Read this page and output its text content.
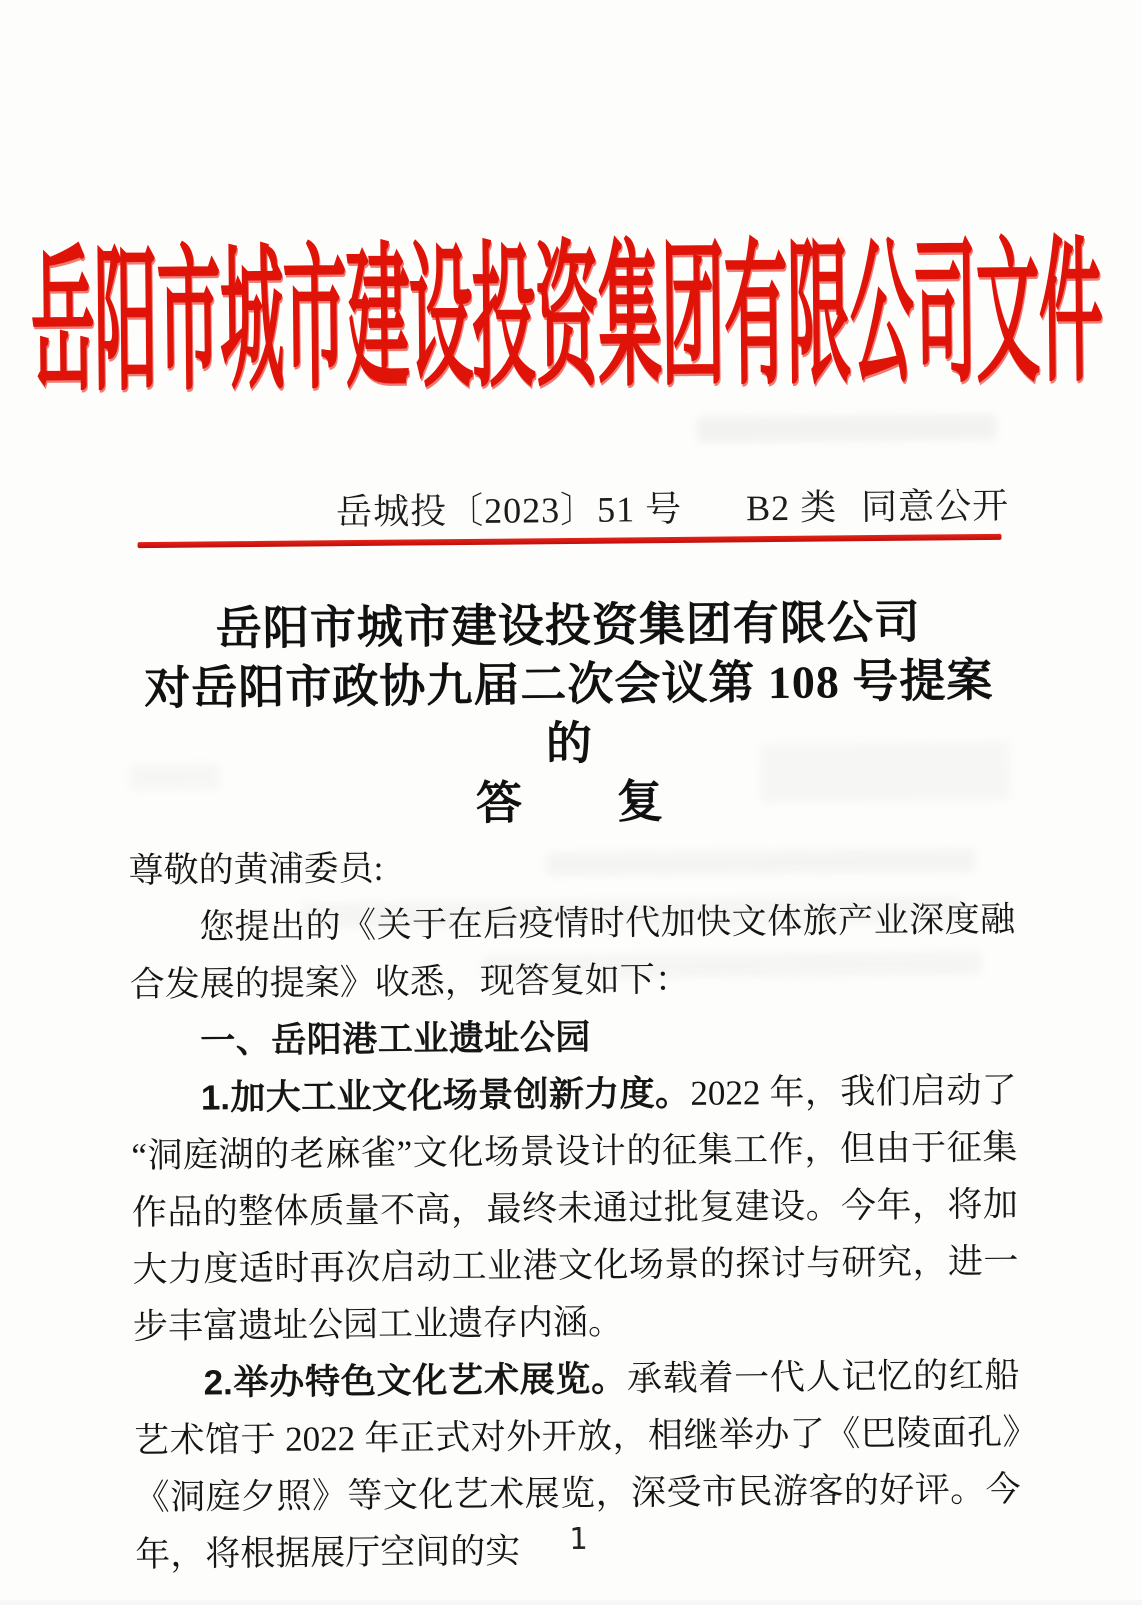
岳阳市城市建设投资集团有限公司文件
岳城投〔2023〕51 号 B2 类 同意公开
岳阳市城市建设投资集团有限公司
对岳阳市政协九届二次会议第 108 号提案的
答　　复

尊敬的黄浦委员:

您提出的《关于在后疫情时代加快文体旅产业深度融合发展的提案》收悉，现答复如下：

一、岳阳港工业遗址公园

1.加大工业文化场景创新力度。2022 年，我们启动了“洞庭湖的老麻雀”文化场景设计的征集工作，但由于征集作品的整体质量不高，最终未通过批复建设。今年，将加大力度适时再次启动工业港文化场景的探讨与研究，进一步丰富遗址公园工业遗存内涵。

2.举办特色文化艺术展览。承载着一代人记忆的红船艺术馆于 2022 年正式对外开放，相继举办了《巴陵面孔》《洞庭夕照》等文化艺术展览，深受市民游客的好评。今年，将根据展厅空间的实	1
